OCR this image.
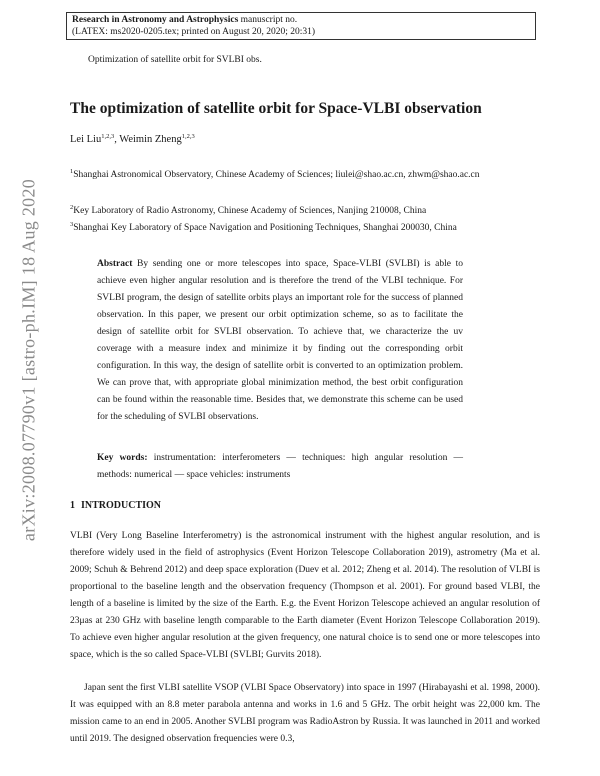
Research in Astronomy and Astrophysics manuscript no.
(LATEX: ms2020-0205.tex; printed on August 20, 2020; 20:31)
Optimization of satellite orbit for SVLBI obs.
arXiv:2008.07790v1 [astro-ph.IM] 18 Aug 2020
The optimization of satellite orbit for Space-VLBI observation
Lei Liu$^{1,2,3}$, Weimin Zheng$^{1,2,3}$
$^1$Shanghai Astronomical Observatory, Chinese Academy of Sciences; liulei@shao.ac.cn, zhwm@shao.ac.cn
$^2$Key Laboratory of Radio Astronomy, Chinese Academy of Sciences, Nanjing 210008, China
$^3$Shanghai Key Laboratory of Space Navigation and Positioning Techniques, Shanghai 200030, China
Abstract By sending one or more telescopes into space, Space-VLBI (SVLBI) is able to achieve even higher angular resolution and is therefore the trend of the VLBI technique. For SVLBI program, the design of satellite orbits plays an important role for the success of planned observation. In this paper, we present our orbit optimization scheme, so as to facilitate the design of satellite orbit for SVLBI observation. To achieve that, we characterize the uv coverage with a measure index and minimize it by finding out the corresponding orbit configuration. In this way, the design of satellite orbit is converted to an optimization problem. We can prove that, with appropriate global minimization method, the best orbit configuration can be found within the reasonable time. Besides that, we demonstrate this scheme can be used for the scheduling of SVLBI observations.
Key words: instrumentation: interferometers — techniques: high angular resolution — methods: numerical — space vehicles: instruments
1 INTRODUCTION
VLBI (Very Long Baseline Interferometry) is the astronomical instrument with the highest angular resolution, and is therefore widely used in the field of astrophysics (Event Horizon Telescope Collaboration 2019), astrometry (Ma et al. 2009; Schuh & Behrend 2012) and deep space exploration (Duev et al. 2012; Zheng et al. 2014). The resolution of VLBI is proportional to the baseline length and the observation frequency (Thompson et al. 2001). For ground based VLBI, the length of a baseline is limited by the size of the Earth. E.g. the Event Horizon Telescope achieved an angular resolution of 23μas at 230 GHz with baseline length comparable to the Earth diameter (Event Horizon Telescope Collaboration 2019). To achieve even higher angular resolution at the given frequency, one natural choice is to send one or more telescopes into space, which is the so called Space-VLBI (SVLBI; Gurvits 2018).
Japan sent the first VLBI satellite VSOP (VLBI Space Observatory) into space in 1997 (Hirabayashi et al. 1998, 2000). It was equipped with an 8.8 meter parabola antenna and works in 1.6 and 5 GHz. The orbit height was 22,000 km. The mission came to an end in 2005. Another SVLBI program was RadioAstron by Russia. It was launched in 2011 and worked until 2019. The designed observation frequencies were 0.3,
